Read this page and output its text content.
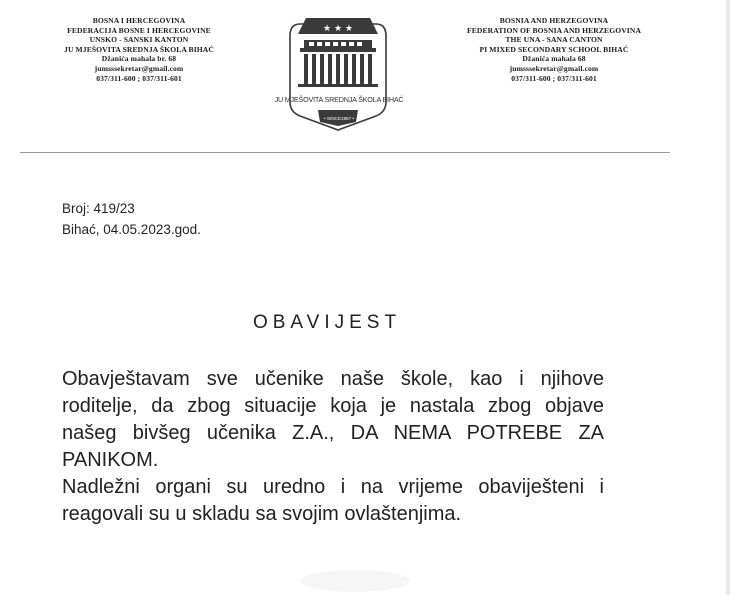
BOSNA I HERCEGOVINA
FEDERACIJA BOSNE I HERCEGOVINE
UNSKO - SANSKI KANTON
JU MJEŠOVITA SREDNJA ŠKOLA BIHAĆ
Džanića mahala br. 68
jumsssekretar@gmail.com
037/311-600 ; 037/311-601
★ ★ ★
JU MJEŠOVITA SREDNJA ŠKOLA BIHAĆ
• SINCE1957 •
BOSNIA AND HERZEGOVINA
FEDERATION OF BOSNIA AND HERZEGOVINA
THE UNA - SANA CANTON
PI MIXED SECONDARY SCHOOL BIHAĆ
Džanića mahala 68
jumsssekretar@gmail.com
037/311-600 ; 037/311-601
Broj: 419/23
Bihać, 04.05.2023.god.
OBAVIJEST

Obavještavam sve učenike naše škole, kao i njihove
roditelje, da zbog situacije koja je nastala zbog objave
našeg bivšeg učenika Z.A., DA NEMA POTREBE ZA
PANIKOM.

Nadležni organi su uredno i na vrijeme obaviješteni i
reagovali su u skladu sa svojim ovlaštenjima.
